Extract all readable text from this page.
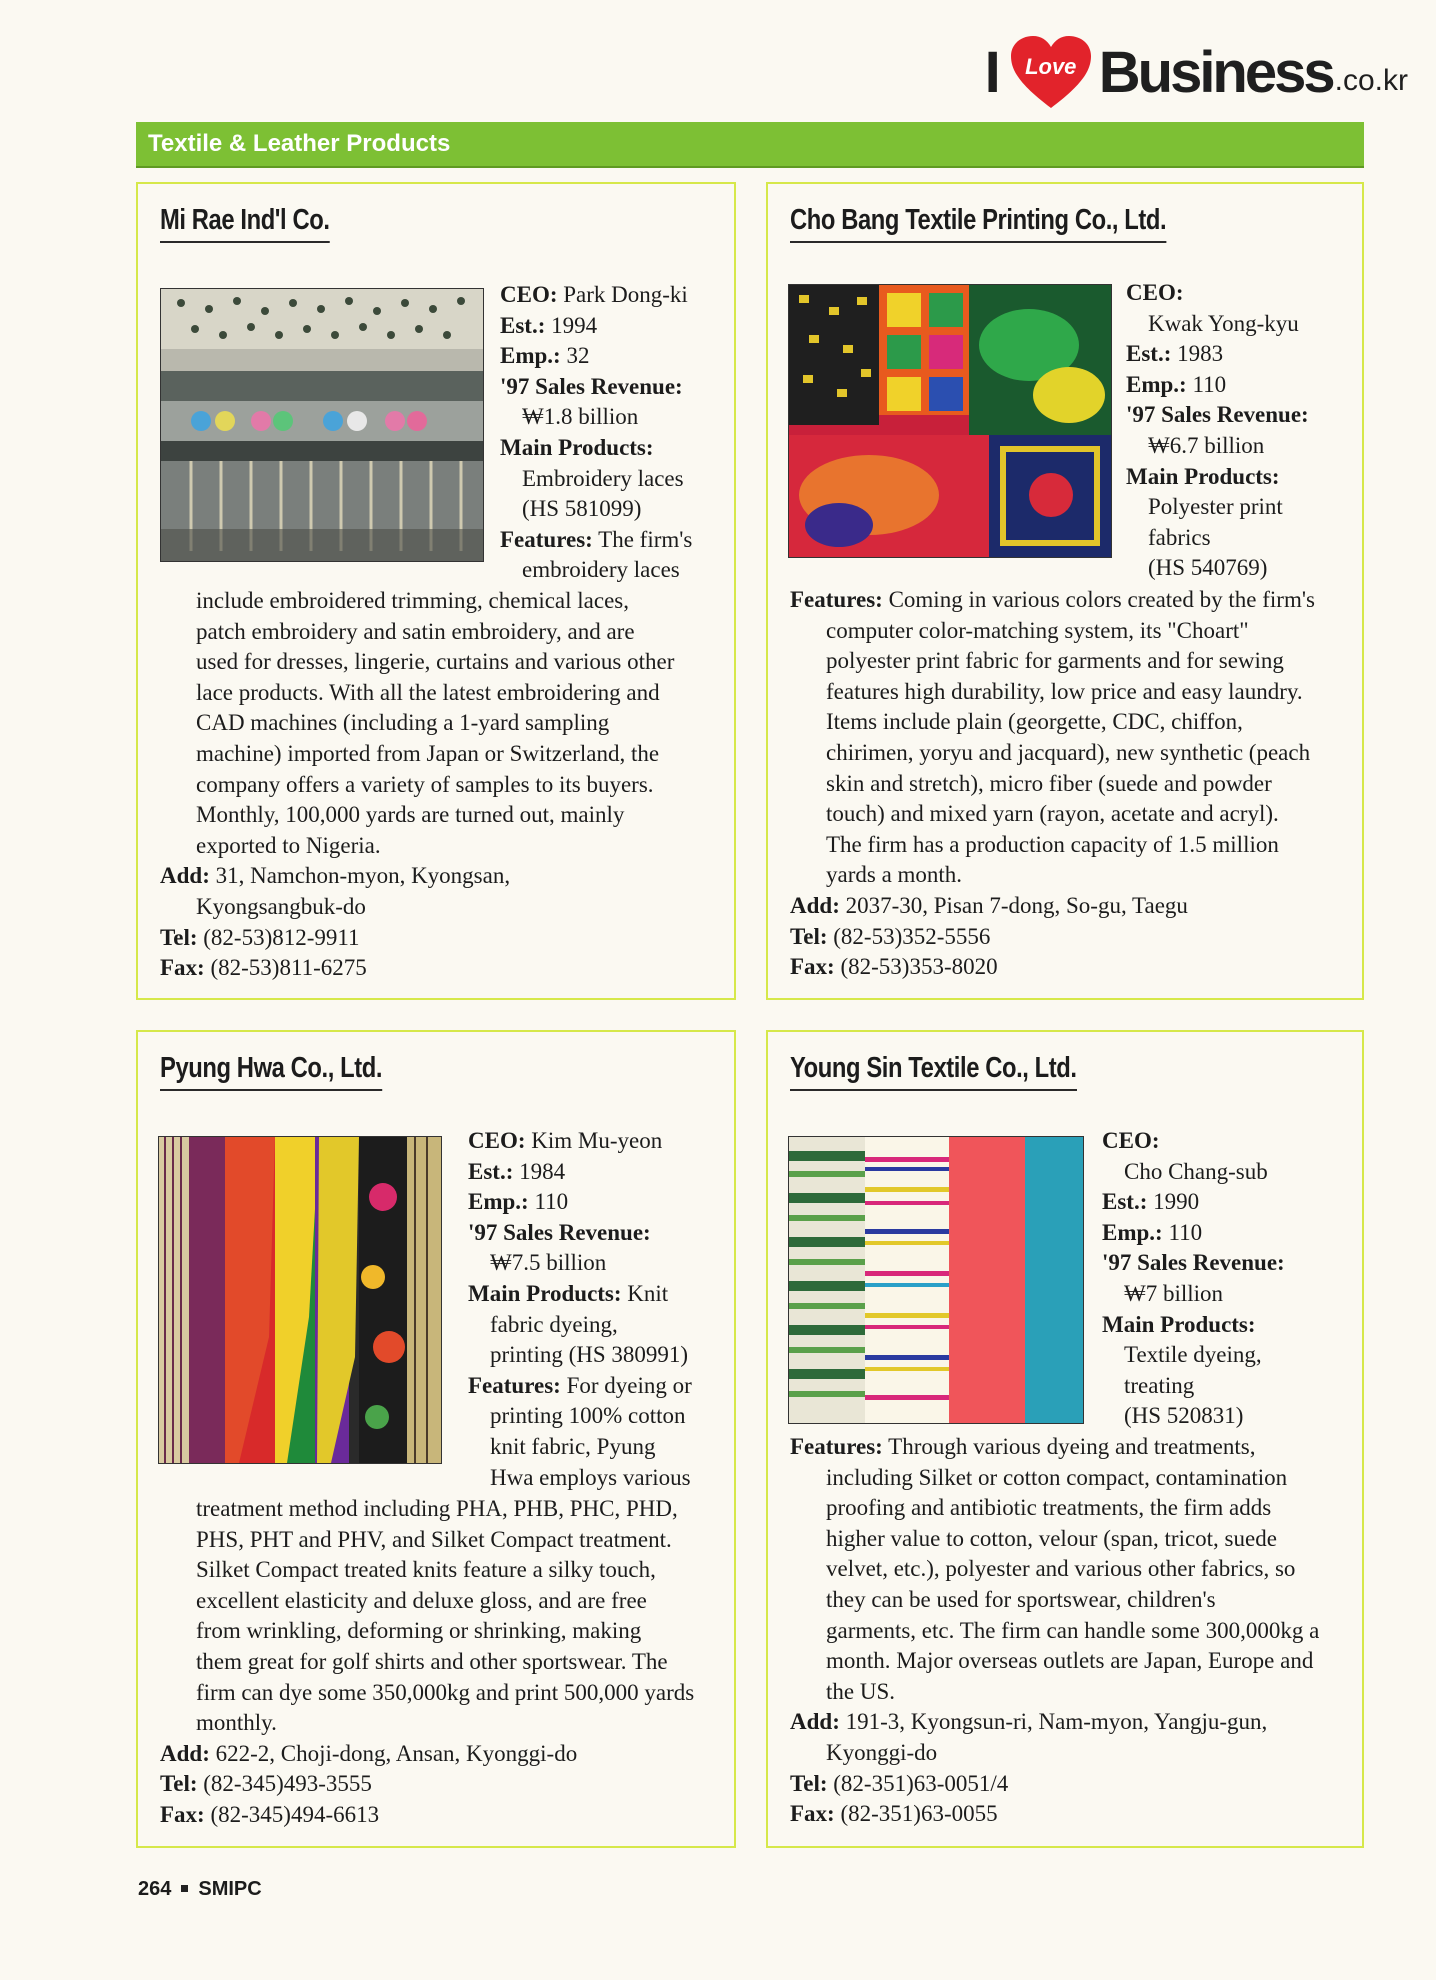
I	Love Business .co.kr
Textile & Leather Products
Mi Rae Ind'l Co.
CEO: Park Dong-ki
Est.: 1994
Emp.: 32
'97 Sales Revenue:
₩1.8 billion
Main Products:
Embroidery laces
(HS 581099)
Features: The firm's
embroidery laces
include embroidered trimming, chemical laces,
patch embroidery and satin embroidery, and are
used for dresses, lingerie, curtains and various other
lace products. With all the latest embroidering and
CAD machines (including a 1-yard sampling
machine) imported from Japan or Switzerland, the
company offers a variety of samples to its buyers.
Monthly, 100,000 yards are turned out, mainly
exported to Nigeria.
Add: 31, Namchon-myon, Kyongsan,
Kyongsangbuk-do
Tel: (82-53)812-9911
Fax: (82-53)811-6275
Cho Bang Textile Printing Co., Ltd.
CEO:
Kwak Yong-kyu
Est.: 1983
Emp.: 110
'97 Sales Revenue:
₩6.7 billion
Main Products:
Polyester print
fabrics
(HS 540769)
Features: Coming in various colors created by the firm's
computer color-matching system, its "Choart"
polyester print fabric for garments and for sewing
features high durability, low price and easy laundry.
Items include plain (georgette, CDC, chiffon,
chirimen, yoryu and jacquard), new synthetic (peach
skin and stretch), micro fiber (suede and powder
touch) and mixed yarn (rayon, acetate and acryl).
The firm has a production capacity of 1.5 million
yards a month.
Add: 2037-30, Pisan 7-dong, So-gu, Taegu
Tel: (82-53)352-5556
Fax: (82-53)353-8020
Pyung Hwa Co., Ltd.
CEO: Kim Mu-yeon
Est.: 1984
Emp.: 110
'97 Sales Revenue:
₩7.5 billion
Main Products: Knit
fabric dyeing,
printing (HS 380991)
Features: For dyeing or
printing 100% cotton
knit fabric, Pyung
Hwa employs various
treatment method including PHA, PHB, PHC, PHD,
PHS, PHT and PHV, and Silket Compact treatment.
Silket Compact treated knits feature a silky touch,
excellent elasticity and deluxe gloss, and are free
from wrinkling, deforming or shrinking, making
them great for golf shirts and other sportswear. The
firm can dye some 350,000kg and print 500,000 yards
monthly.
Add: 622-2, Choji-dong, Ansan, Kyonggi-do
Tel: (82-345)493-3555
Fax: (82-345)494-6613
Young Sin Textile Co., Ltd.
CEO:
Cho Chang-sub
Est.: 1990
Emp.: 110
'97 Sales Revenue:
₩7 billion
Main Products:
Textile dyeing,
treating
(HS 520831)
Features: Through various dyeing and treatments,
including Silket or cotton compact, contamination
proofing and antibiotic treatments, the firm adds
higher value to cotton, velour (span, tricot, suede
velvet, etc.), polyester and various other fabrics, so
they can be used for sportswear, children's
garments, etc. The firm can handle some 300,000kg a
month. Major overseas outlets are Japan, Europe and
the US.
Add: 191-3, Kyongsun-ri, Nam-myon, Yangju-gun,
Kyonggi-do
Tel: (82-351)63-0051/4
Fax: (82-351)63-0055
264 SMIPC
